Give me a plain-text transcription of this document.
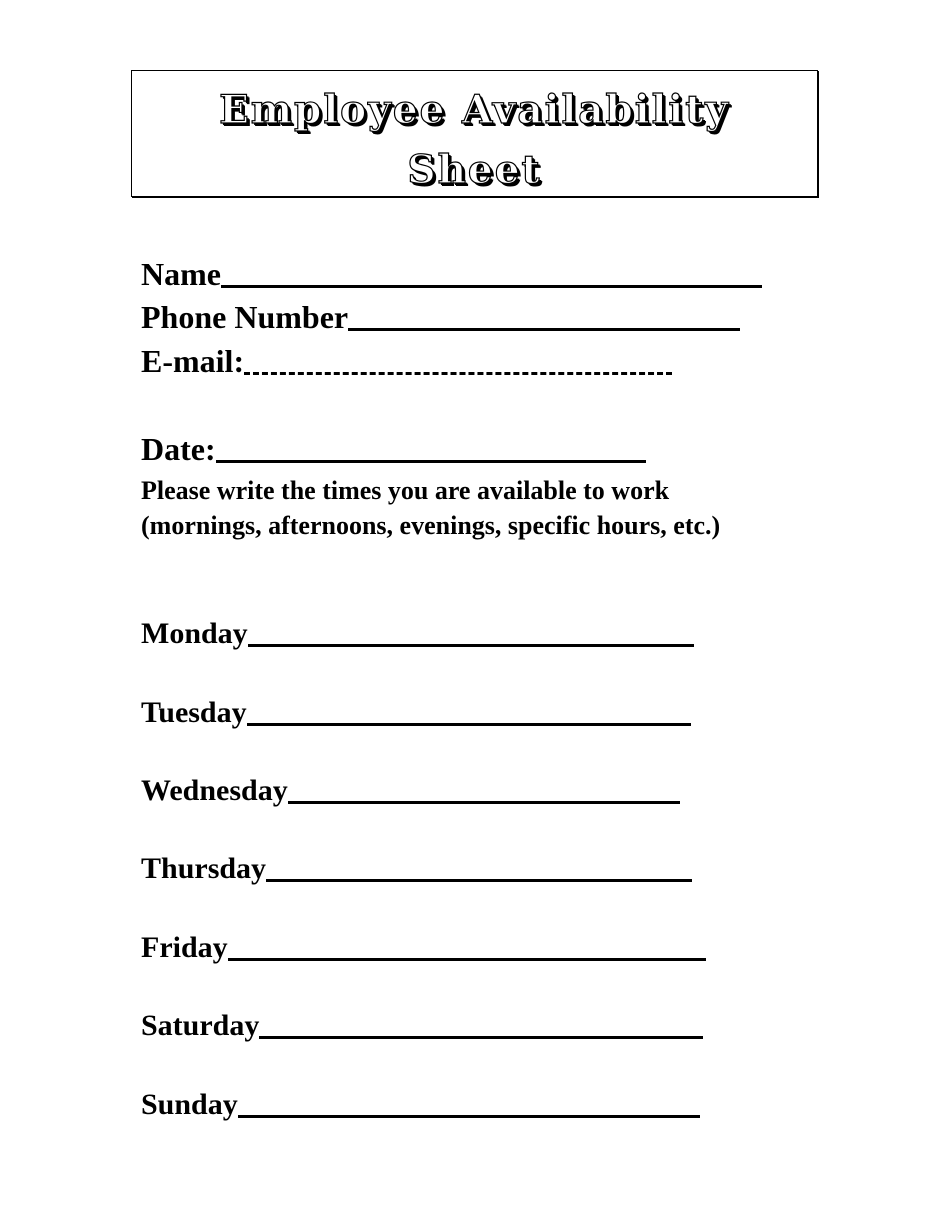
Employee Availability
Sheet
Name
Phone Number
E-mail:
Date:
Please write the times you are available to work (mornings, afternoons, evenings, specific hours, etc.)
Monday
Tuesday
Wednesday
Thursday
Friday
Saturday
Sunday
